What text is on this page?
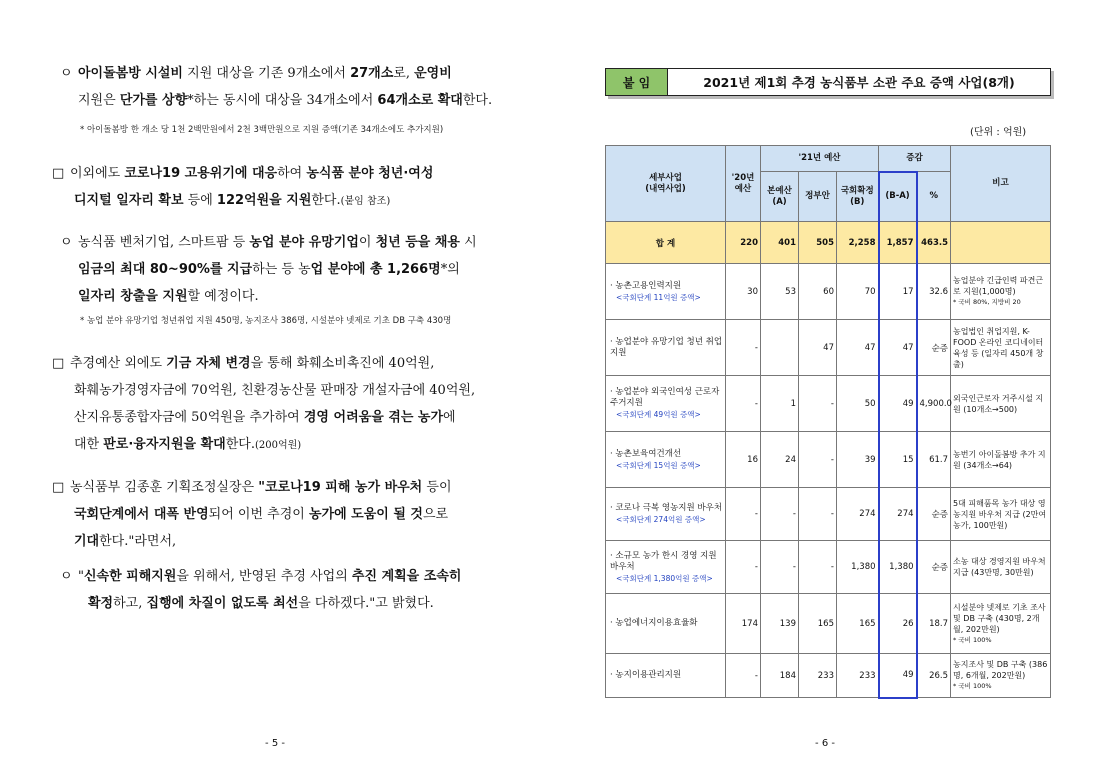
ㅇ 아이돌봄방 시설비 지원 대상을 기존 9개소에서 27개소로, 운영비
지원은 단가를 상향*하는 동시에 대상을 34개소에서 64개소로 확대한다.
* 아이돌봄방 한 개소 당 1천 2백만원에서 2천 3백만원으로 지원 증액(기존 34개소에도 추가지원)
□ 이외에도 코로나19 고용위기에 대응하여 농식품 분야 청년·여성
디지털 일자리 확보 등에 122억원을 지원한다.(붙임 참조)
ㅇ 농식품 벤처기업, 스마트팜 등 농업 분야 유망기업이 청년 등을 채용 시
임금의 최대 80~90%를 지급하는 등 농업 분야에 총 1,266명*의
일자리 창출을 지원할 예정이다.
* 농업 분야 유망기업 청년취업 지원 450명, 농지조사 386명, 시설분야 넷제로 기초 DB 구축 430명
□ 추경예산 외에도 기금 자체 변경을 통해 화훼소비촉진에 40억원,
화훼농가경영자금에 70억원, 친환경농산물 판매장 개설자금에 40억원,
산지유통종합자금에 50억원을 추가하여 경영 어려움을 겪는 농가에
대한 판로·융자지원을 확대한다.(200억원)
□ 농식품부 김종훈 기획조정실장은 "코로나19 피해 농가 바우처 등이
국회단계에서 대폭 반영되어 이번 추경이 농가에 도움이 될 것으로
기대한다."라면서,
ㅇ "신속한 피해지원을 위해서, 반영된 추경 사업의 추진 계획을 조속히
확정하고, 집행에 차질이 없도록 최선을 다하겠다."고 밝혔다.
- 5 -
붙 임	2021년 제1회 추경 농식품부 소관 주요 증액 사업(8개)
(단위 : 억원)
세부사업
(내역사업)	'20년
예산	'21년 예산			증감		비고
		본예산
(A)	정부안	국회확정
(B)	(B-A)	%	
합 계	220	401	505	2,258	1,857	463.5	
· 농촌고용인력지원
<국회단계 11억원 증액>	30	53	60	70	17	32.6	농업분야 긴급인력 파견근로 지원(1,000명)
* 국비 80%, 지방비 20

· 농업분야 유망기업 청년 취업 지원	-		47	47	47	순증	농업법인 취업지원, K-FOOD 온라인 코디네이터 육성 등 (일자리 450개 창출)
· 농업분야 외국인여성 근로자 주거지원
<국회단계 49억원 증액>	-	1	-	50	49	4,900.0	외국인근로자 거주시설 지원 (10개소→500)
· 농촌보육여건개선
<국회단계 15억원 증액>	16	24	-	39	15	61.7	농번기 아이돌봄방 추가 지원 (34개소→64)
· 코로나 극복 영농지원 바우처
<국회단계 274억원 증액>	-	-	-	274	274	순증	5대 피해품목 농가 대상 영농지원 바우처 지급 (2만여 농가, 100만원)
· 소규모 농가 한시 경영 지원 바우처
<국회단계 1,380억원 증액>	-	-	-	1,380	1,380	순증	소농 대상 경영지원 바우처 지급 (43만명, 30만원)
· 농업에너지이용효율화	174	139	165	165	26	18.7	시설분야 넷제로 기초 조사 및 DB 구축 (430명, 2개월, 202만원)
* 국비 100%

· 농지이용관리지원	-	184	233	233	49	26.5	농지조사 및 DB 구축 (386명, 6개월, 202만원)
* 국비 100%
- 6 -
